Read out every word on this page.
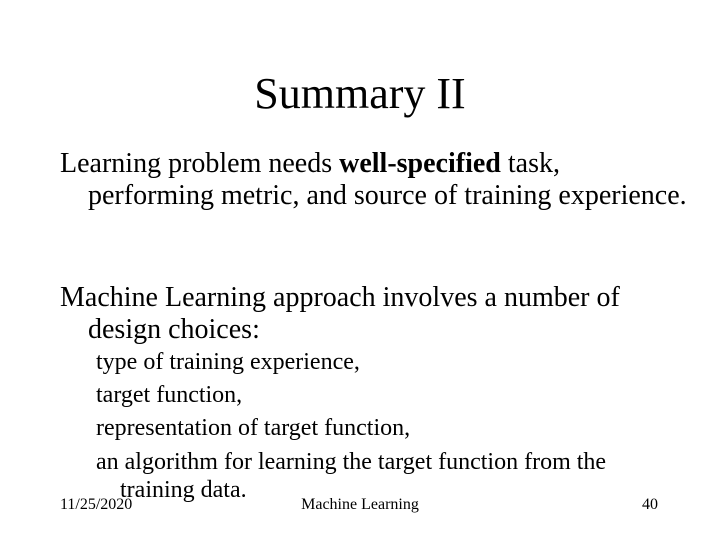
Summary II

Learning problem needs well-specified task, performing metric, and source of training experience.

Machine Learning approach involves a number of design choices:

type of training experience,
target function,
representation of target function,
an algorithm for learning the target function from the training data.
11/25/2020	Machine Learning	40
